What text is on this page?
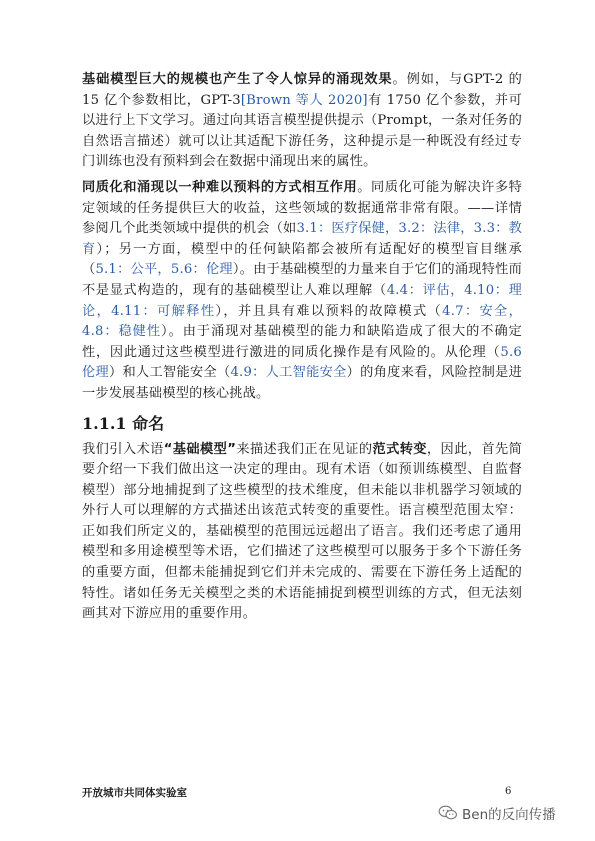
基础模型巨大的规模也产生了令人惊异的涌现效果。例如，与GPT-2 的 15 亿个参数相比，GPT-3[Brown 等人 2020]有 1750 亿个参数，并可以进行上下文学习。通过向其语言模型提供提示（Prompt，一条对任务的自然语言描述）就可以让其适配下游任务，这种提示是一种既没有经过专门训练也没有预料到会在数据中涌现出来的属性。

同质化和涌现以一种难以预料的方式相互作用。同质化可能为解决许多特定领域的任务提供巨大的收益，这些领域的数据通常非常有限。——详情参阅几个此类领域中提供的机会（如3.1：医疗保健，3.2：法律，3.3：教育）；另一方面，模型中的任何缺陷都会被所有适配好的模型盲目继承（5.1：公平，5.6：伦理）。由于基础模型的力量来自于它们的涌现特性而不是显式构造的，现有的基础模型让人难以理解（4.4：评估，4.10：理论，4.11：可解释性），并且具有难以预料的故障模式（4.7：安全，4.8：稳健性）。由于涌现对基础模型的能力和缺陷造成了很大的不确定性，因此通过这些模型进行激进的同质化操作是有风险的。从伦理（5.6 伦理）和人工智能安全（4.9：人工智能安全）的角度来看，风险控制是进一步发展基础模型的核心挑战。

1.1.1 命名

我们引入术语“基础模型”来描述我们正在见证的范式转变，因此，首先简要介绍一下我们做出这一决定的理由。现有术语（如预训练模型、自监督模型）部分地捕捉到了这些模型的技术维度，但未能以非机器学习领域的外行人可以理解的方式描述出该范式转变的重要性。语言模型范围太窄：正如我们所定义的，基础模型的范围远远超出了语言。我们还考虑了通用模型和多用途模型等术语，它们描述了这些模型可以服务于多个下游任务的重要方面，但都未能捕捉到它们并未完成的、需要在下游任务上适配的特性。诸如任务无关模型之类的术语能捕捉到模型训练的方式，但无法刻画其对下游应用的重要作用。

开放城市共同体实验室	6
Ben的反向传播
